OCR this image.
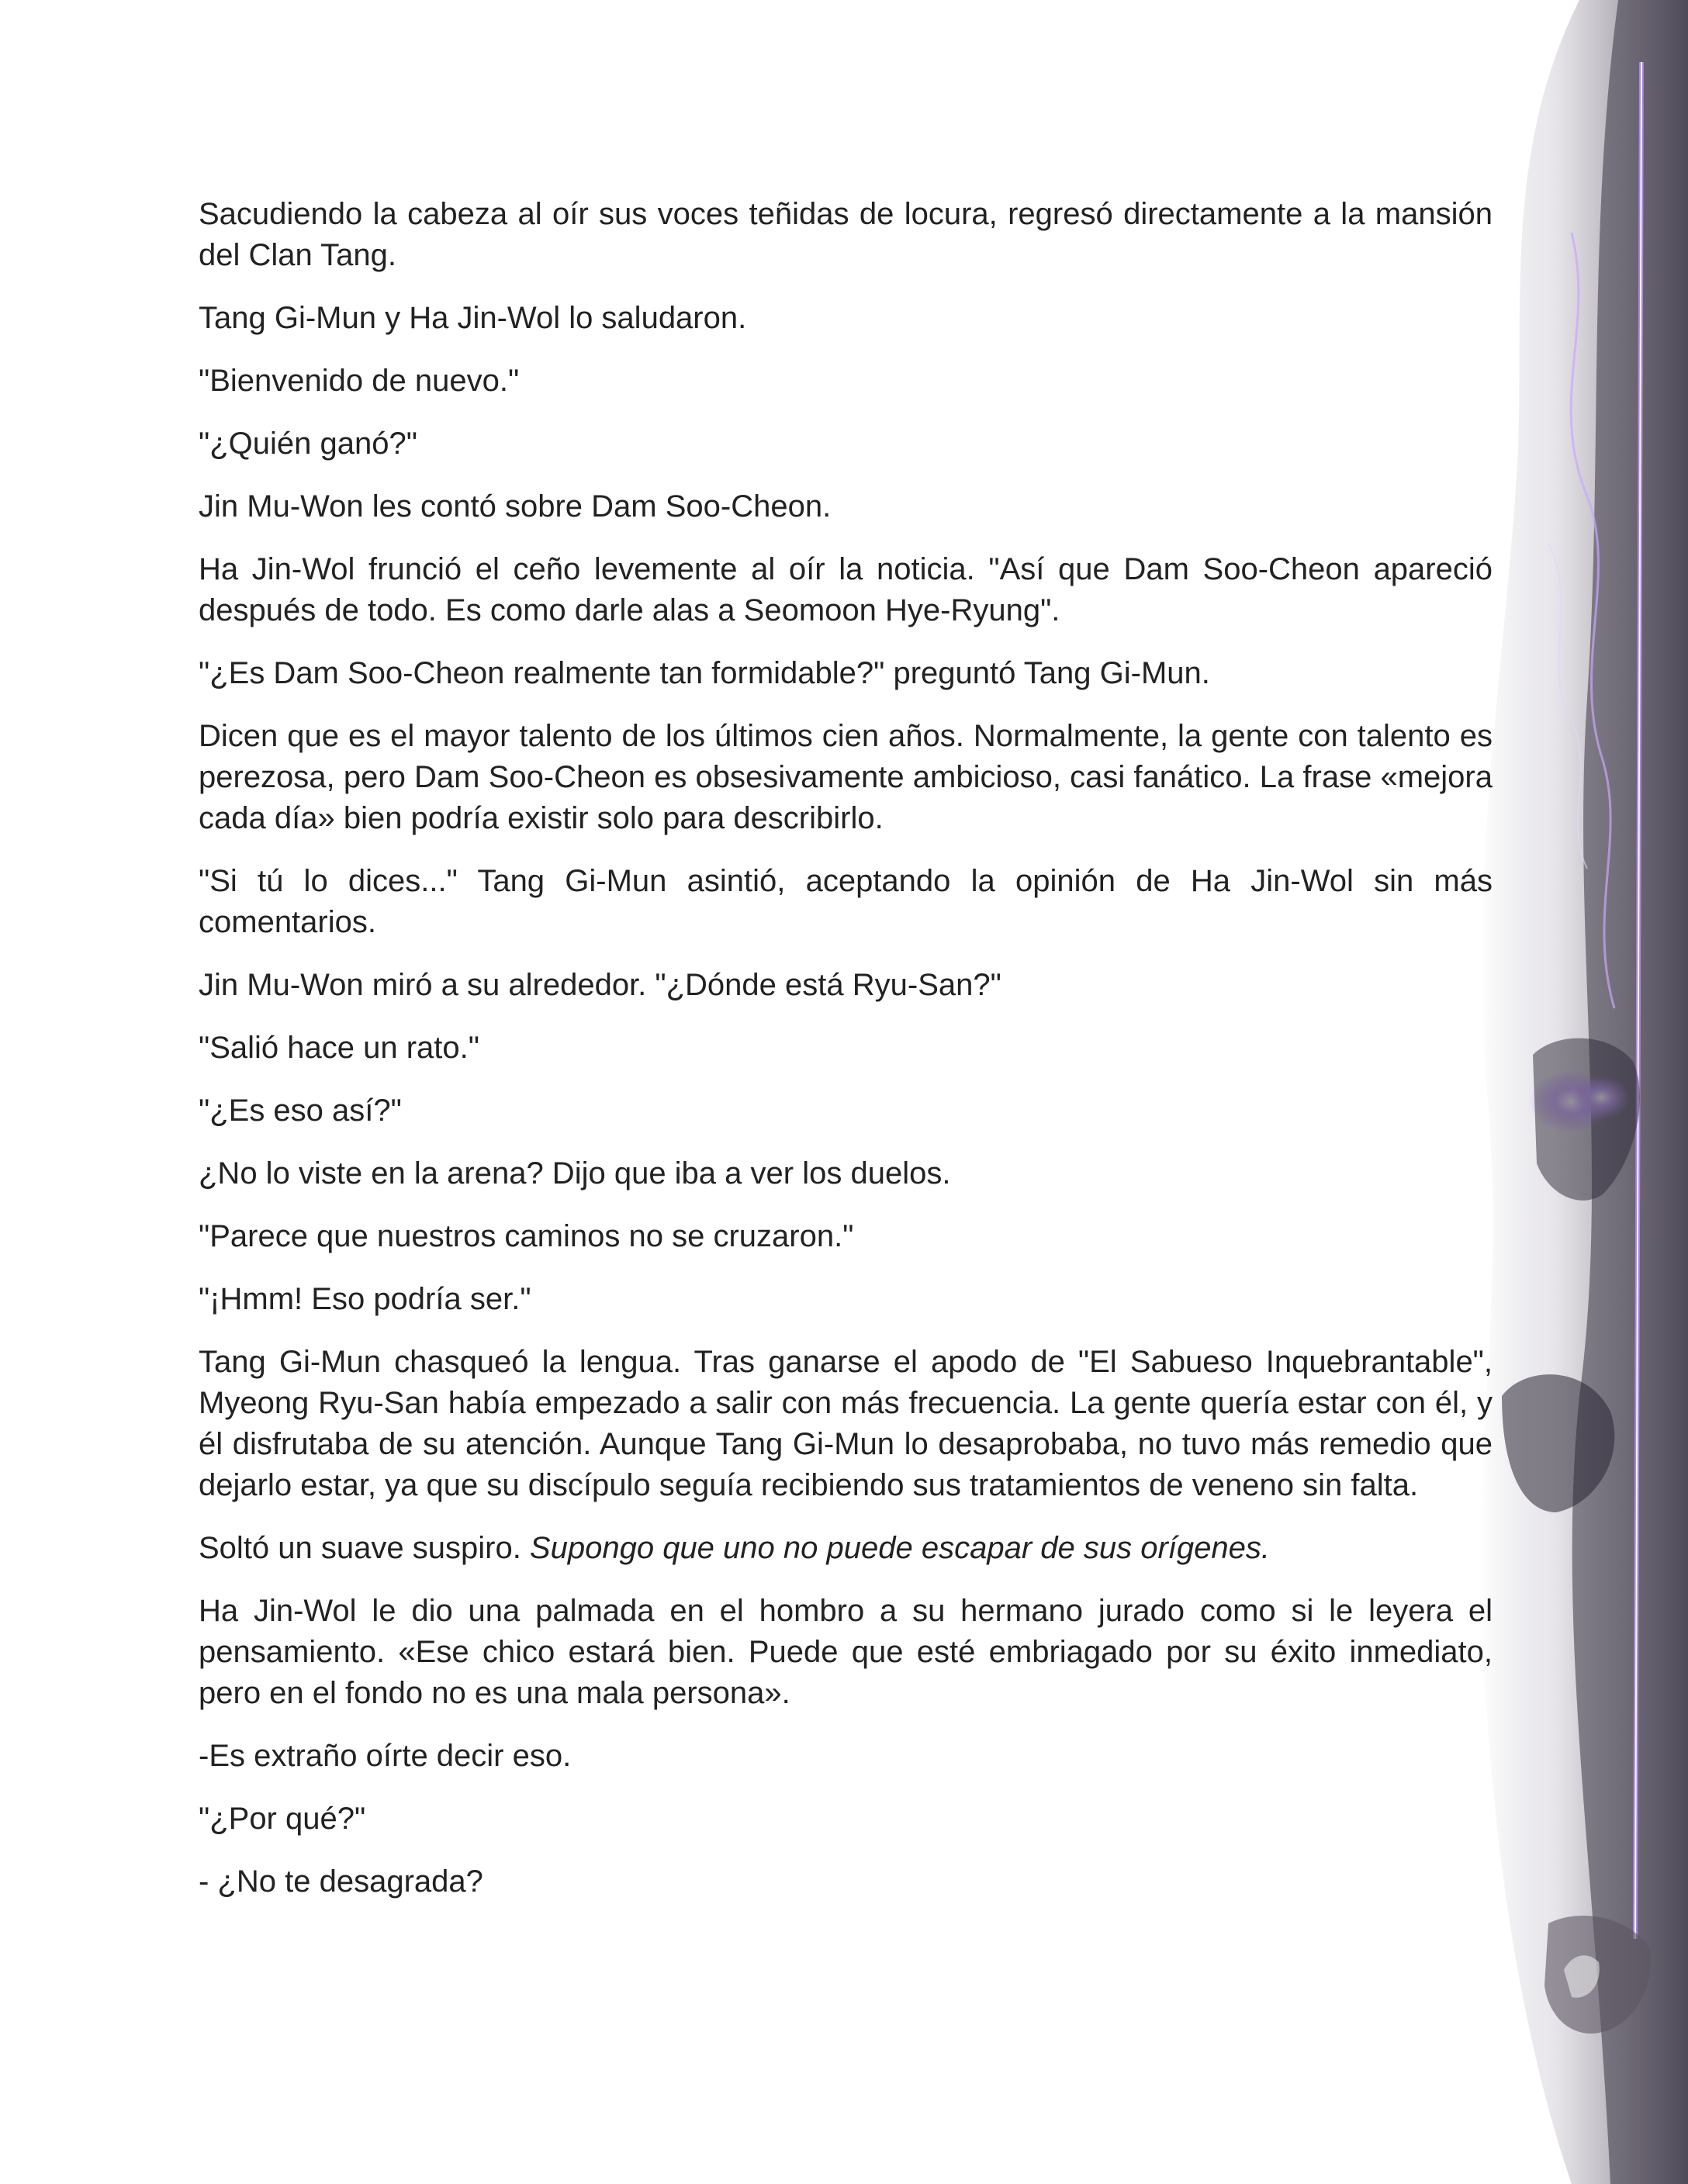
Sacudiendo la cabeza al oír sus voces teñidas de locura, regresó directamente a la mansión del Clan Tang.

Tang Gi-Mun y Ha Jin-Wol lo saludaron.

"Bienvenido de nuevo."

"¿Quién ganó?"

Jin Mu-Won les contó sobre Dam Soo-Cheon.

Ha Jin-Wol frunció el ceño levemente al oír la noticia. "Así que Dam Soo-Cheon apareció después de todo. Es como darle alas a Seomoon Hye-Ryung".

"¿Es Dam Soo-Cheon realmente tan formidable?" preguntó Tang Gi-Mun.

Dicen que es el mayor talento de los últimos cien años. Normalmente, la gente con talento es perezosa, pero Dam Soo-Cheon es obsesivamente ambicioso, casi fanático. La frase «mejora cada día» bien podría existir solo para describirlo.

"Si tú lo dices..." Tang Gi-Mun asintió, aceptando la opinión de Ha Jin-Wol sin más comentarios.

Jin Mu-Won miró a su alrededor. "¿Dónde está Ryu-San?"

"Salió hace un rato."

"¿Es eso así?"

¿No lo viste en la arena? Dijo que iba a ver los duelos.

"Parece que nuestros caminos no se cruzaron."

"¡Hmm! Eso podría ser."

Tang Gi-Mun chasqueó la lengua. Tras ganarse el apodo de "El Sabueso Inquebrantable", Myeong Ryu-San había empezado a salir con más frecuencia. La gente quería estar con él, y él disfrutaba de su atención. Aunque Tang Gi-Mun lo desaprobaba, no tuvo más remedio que dejarlo estar, ya que su discípulo seguía recibiendo sus tratamientos de veneno sin falta.

Soltó un suave suspiro. Supongo que uno no puede escapar de sus orígenes.

Ha Jin-Wol le dio una palmada en el hombro a su hermano jurado como si le leyera el pensamiento. «Ese chico estará bien. Puede que esté embriagado por su éxito inmediato, pero en el fondo no es una mala persona».

-Es extraño oírte decir eso.

"¿Por qué?"

- ¿No te desagrada?
